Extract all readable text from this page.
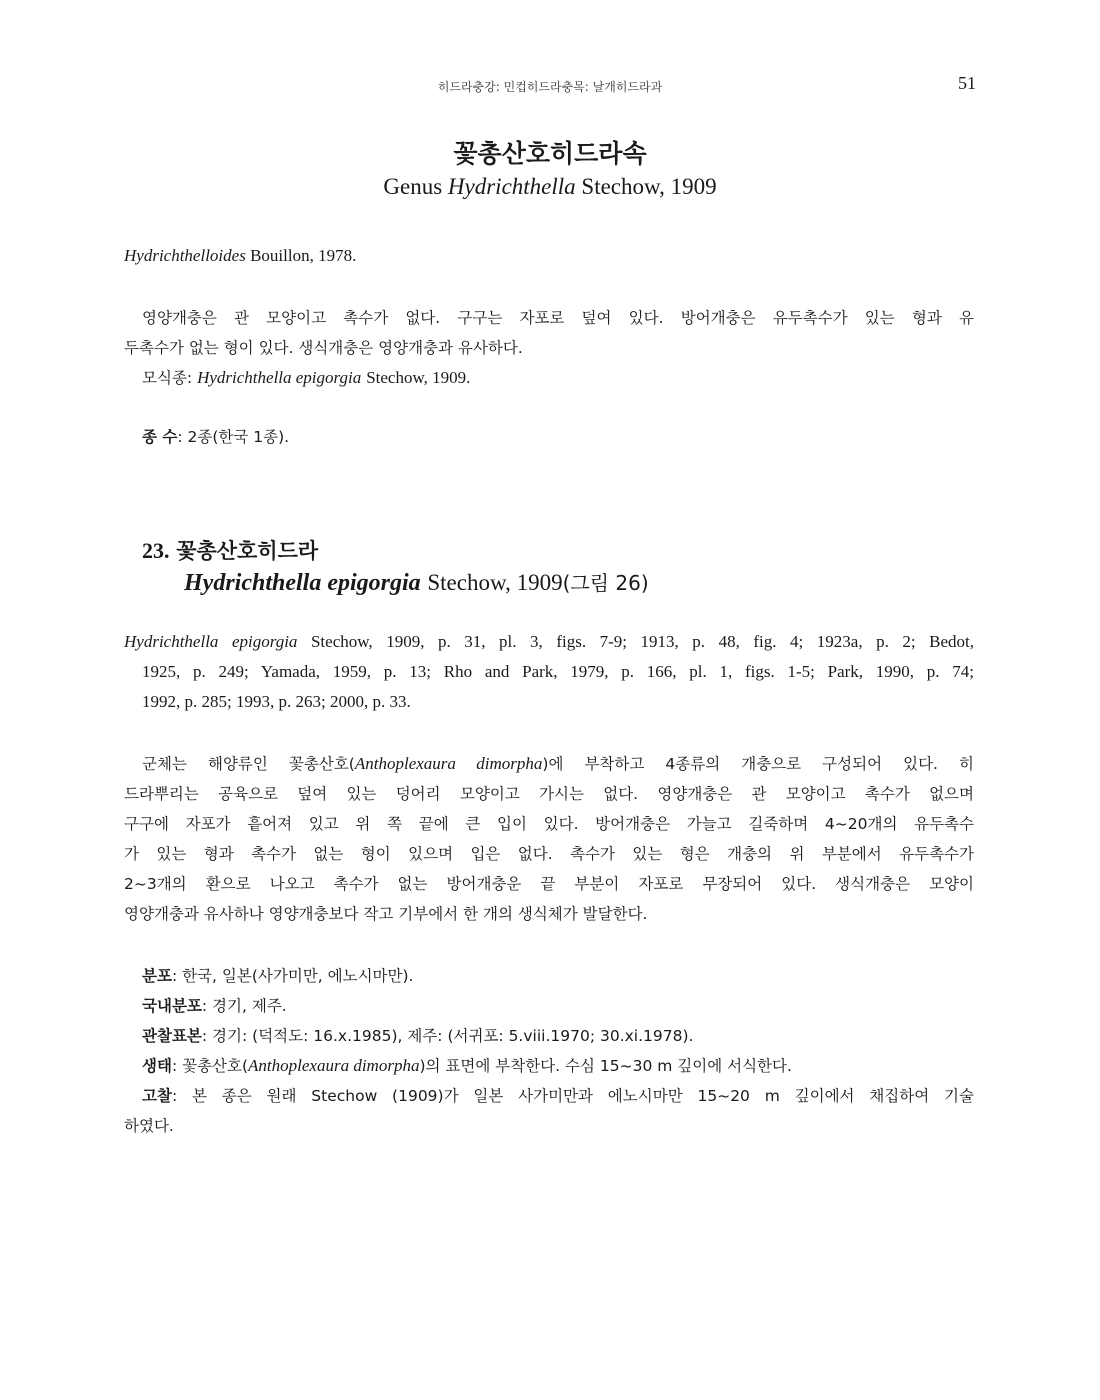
히드라충강: 민컵히드라충목: 날개히드라과	51
꽃총산호히드라속
Genus Hydrichthella Stechow, 1909
Hydrichthelloides Bouillon, 1978.
영양개충은 관 모양이고 촉수가 없다. 구구는 자포로 덮여 있다. 방어개충은 유두촉수가 있는 형과 유
두촉수가 없는 형이 있다. 생식개충은 영양개충과 유사하다.
모식종: Hydrichthella epigorgia Stechow, 1909.
종 수: 2종(한국 1종).
23. 꽃총산호히드라
Hydrichthella epigorgia Stechow, 1909(그림 26)
Hydrichthella epigorgia Stechow, 1909, p. 31, pl. 3, figs. 7-9; 1913, p. 48, fig. 4; 1923a, p. 2; Bedot,
1925, p. 249; Yamada, 1959, p. 13; Rho and Park, 1979, p. 166, pl. 1, figs. 1-5; Park, 1990, p. 74;
1992, p. 285; 1993, p. 263; 2000, p. 33.
군체는 해양류인 꽃총산호(Anthoplexaura dimorpha)에 부착하고 4종류의 개충으로 구성되어 있다. 히
드라뿌리는 공육으로 덮여 있는 덩어리 모양이고 가시는 없다. 영양개충은 관 모양이고 촉수가 없으며
구구에 자포가 흩어져 있고 위 쪽 끝에 큰 입이 있다. 방어개충은 가늘고 길죽하며 4~20개의 유두촉수
가 있는 형과 촉수가 없는 형이 있으며 입은 없다. 촉수가 있는 형은 개충의 위 부분에서 유두촉수가
2~3개의 환으로 나오고 촉수가 없는 방어개충운 끝 부분이 자포로 무장되어 있다. 생식개충은 모양이
영양개충과 유사하나 영양개충보다 작고 기부에서 한 개의 생식체가 발달한다.
분포: 한국, 일본(사가미만, 에노시마만).
국내분포: 경기, 제주.
관찰표본: 경기: (덕적도: 16.x.1985), 제주: (서귀포: 5.viii.1970; 30.xi.1978).
생태: 꽃총산호(Anthoplexaura dimorpha)의 표면에 부착한다. 수심 15~30 m 깊이에 서식한다.
고찰: 본 종은 원래 Stechow (1909)가 일본 사가미만과 에노시마만 15~20 m 깊이에서 채집하여 기술
하였다.
